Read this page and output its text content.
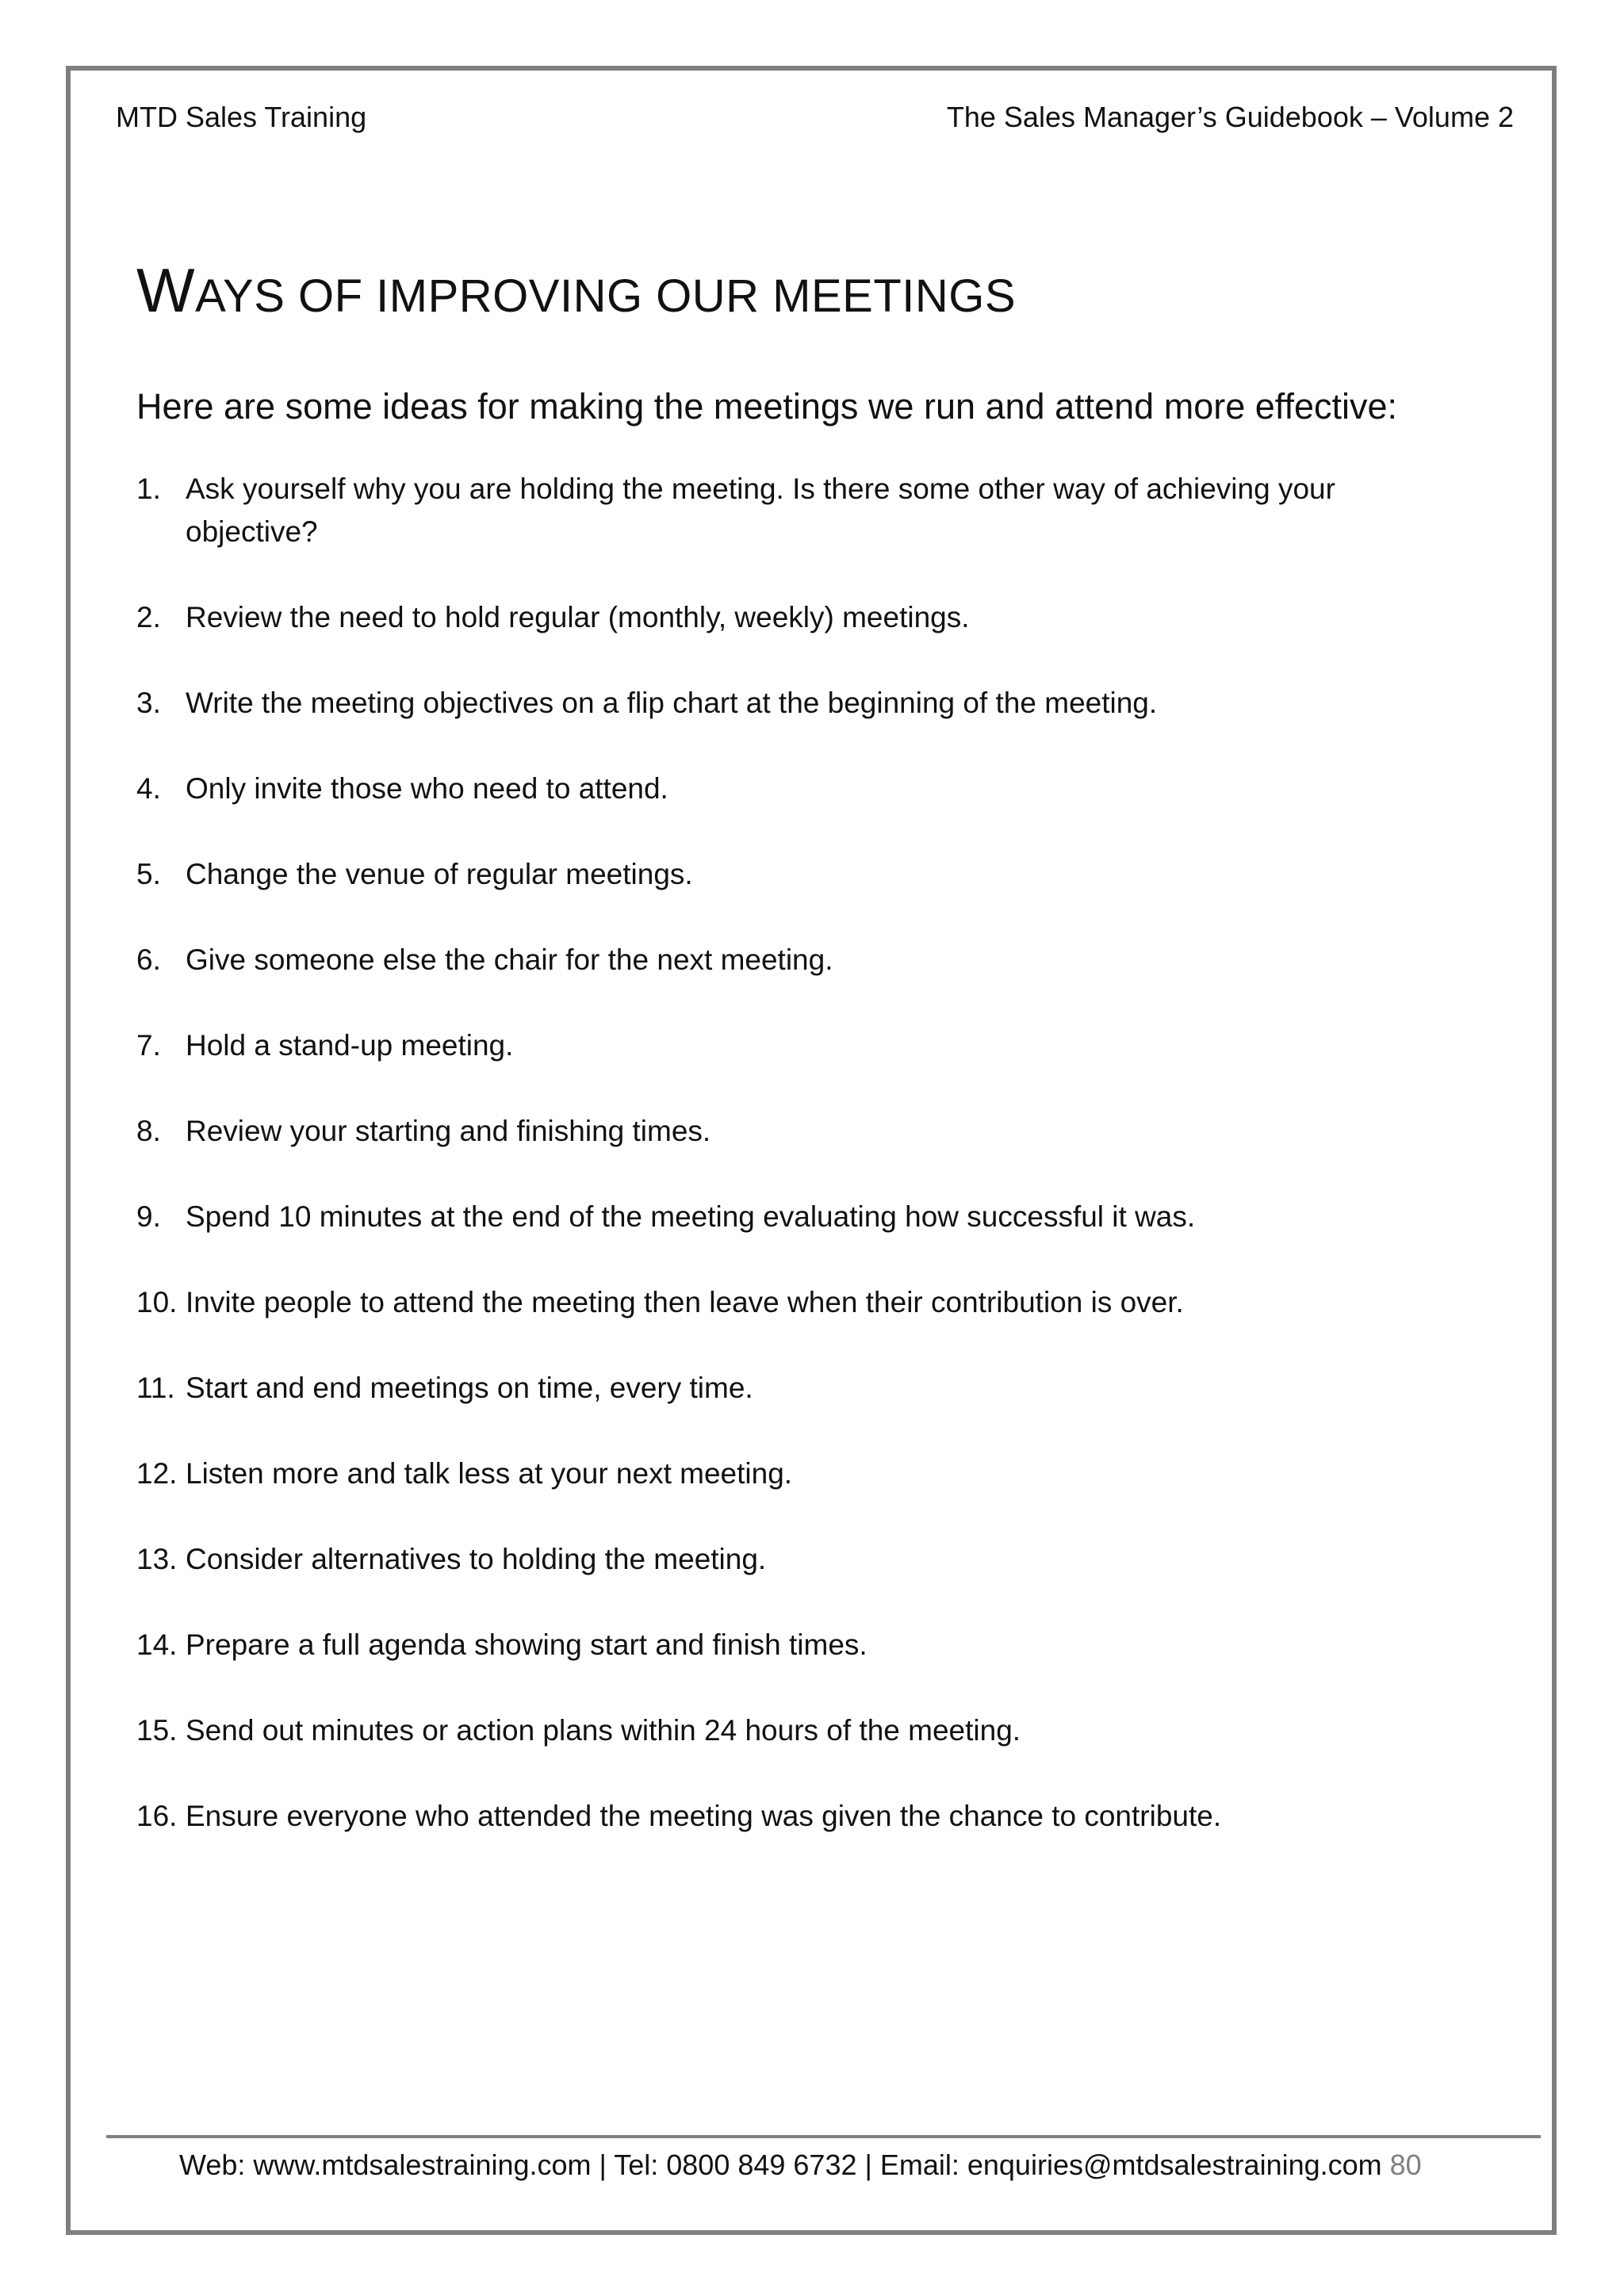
MTD Sales Training	The Sales Manager’s Guidebook – Volume 2
WAYS OF IMPROVING OUR MEETINGS

Here are some ideas for making the meetings we run and attend more effective:

1. Ask yourself why you are holding the meeting. Is there some other way of achieving your objective?
2. Review the need to hold regular (monthly, weekly) meetings.
3. Write the meeting objectives on a flip chart at the beginning of the meeting.
4. Only invite those who need to attend.
5. Change the venue of regular meetings.
6. Give someone else the chair for the next meeting.
7. Hold a stand-up meeting.
8. Review your starting and finishing times.
9. Spend 10 minutes at the end of the meeting evaluating how successful it was.
10. Invite people to attend the meeting then leave when their contribution is over.
11. Start and end meetings on time, every time.
12. Listen more and talk less at your next meeting.
13. Consider alternatives to holding the meeting.
14. Prepare a full agenda showing start and finish times.
15. Send out minutes or action plans within 24 hours of the meeting.
16. Ensure everyone who attended the meeting was given the chance to contribute.
Web: www.mtdsalestraining.com | Tel: 0800 849 6732 | Email: enquiries@mtdsalestraining.com 80
